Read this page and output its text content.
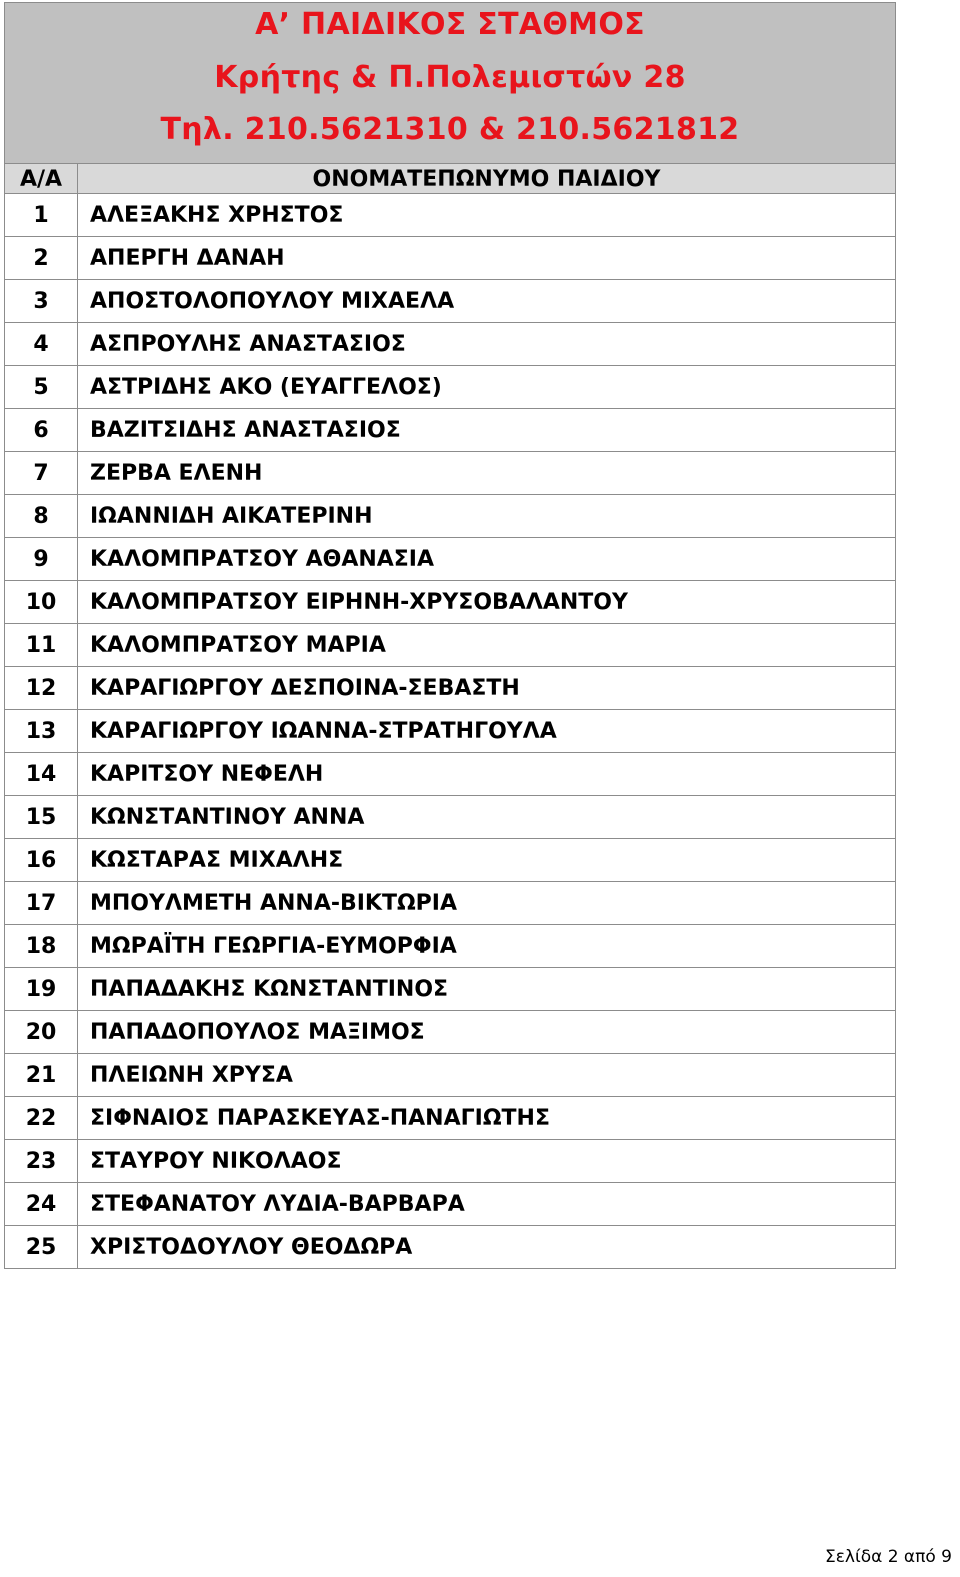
Α’ ΠΑΙΔΙΚΟΣ ΣΤΑΘΜΟΣ
Κρήτης & Π.Πολεμιστών 28
Τηλ. 210.5621310 & 210.5621812
Α/Α	ΟΝΟΜΑΤΕΠΩΝΥΜΟ ΠΑΙΔΙΟΥ
1	ΑΛΕΞΑΚΗΣ ΧΡΗΣΤΟΣ
2	ΑΠΕΡΓΗ ΔΑΝΑΗ
3	ΑΠΟΣΤΟΛΟΠΟΥΛΟΥ ΜΙΧΑΕΛΑ
4	ΑΣΠΡΟΥΛΗΣ ΑΝΑΣΤΑΣΙΟΣ
5	ΑΣΤΡΙΔΗΣ ΑΚΟ (ΕΥΑΓΓΕΛΟΣ)
6	ΒΑΖΙΤΣΙΔΗΣ ΑΝΑΣΤΑΣΙΟΣ
7	ΖΕΡΒΑ ΕΛΕΝΗ
8	ΙΩΑΝΝΙΔΗ ΑΙΚΑΤΕΡΙΝΗ
9	ΚΑΛΟΜΠΡΑΤΣΟΥ ΑΘΑΝΑΣΙΑ
10	ΚΑΛΟΜΠΡΑΤΣΟΥ ΕΙΡΗΝΗ-ΧΡΥΣΟΒΑΛΑΝΤΟΥ
11	ΚΑΛΟΜΠΡΑΤΣΟΥ ΜΑΡΙΑ
12	ΚΑΡΑΓΙΩΡΓΟΥ ΔΕΣΠΟΙΝΑ-ΣΕΒΑΣΤΗ
13	ΚΑΡΑΓΙΩΡΓΟΥ ΙΩΑΝΝΑ-ΣΤΡΑΤΗΓΟΥΛΑ
14	ΚΑΡΙΤΣΟΥ ΝΕΦΕΛΗ
15	ΚΩΝΣΤΑΝΤΙΝΟΥ ΑΝΝΑ
16	ΚΩΣΤΑΡΑΣ ΜΙΧΑΛΗΣ
17	ΜΠΟΥΛΜΕΤΗ ΑΝΝΑ-ΒΙΚΤΩΡΙΑ
18	ΜΩΡΑΪΤΗ ΓΕΩΡΓΙΑ-ΕΥΜΟΡΦΙΑ
19	ΠΑΠΑΔΑΚΗΣ ΚΩΝΣΤΑΝΤΙΝΟΣ
20	ΠΑΠΑΔΟΠΟΥΛΟΣ ΜΑΞΙΜΟΣ
21	ΠΛΕΙΩΝΗ ΧΡΥΣΑ
22	ΣΙΦΝΑΙΟΣ ΠΑΡΑΣΚΕΥΑΣ-ΠΑΝΑΓΙΩΤΗΣ
23	ΣΤΑΥΡΟΥ ΝΙΚΟΛΑΟΣ
24	ΣΤΕΦΑΝΑΤΟΥ ΛΥΔΙΑ-ΒΑΡΒΑΡΑ
25	ΧΡΙΣΤΟΔΟΥΛΟΥ ΘΕΟΔΩΡΑ
Σελίδα 2 από 9
